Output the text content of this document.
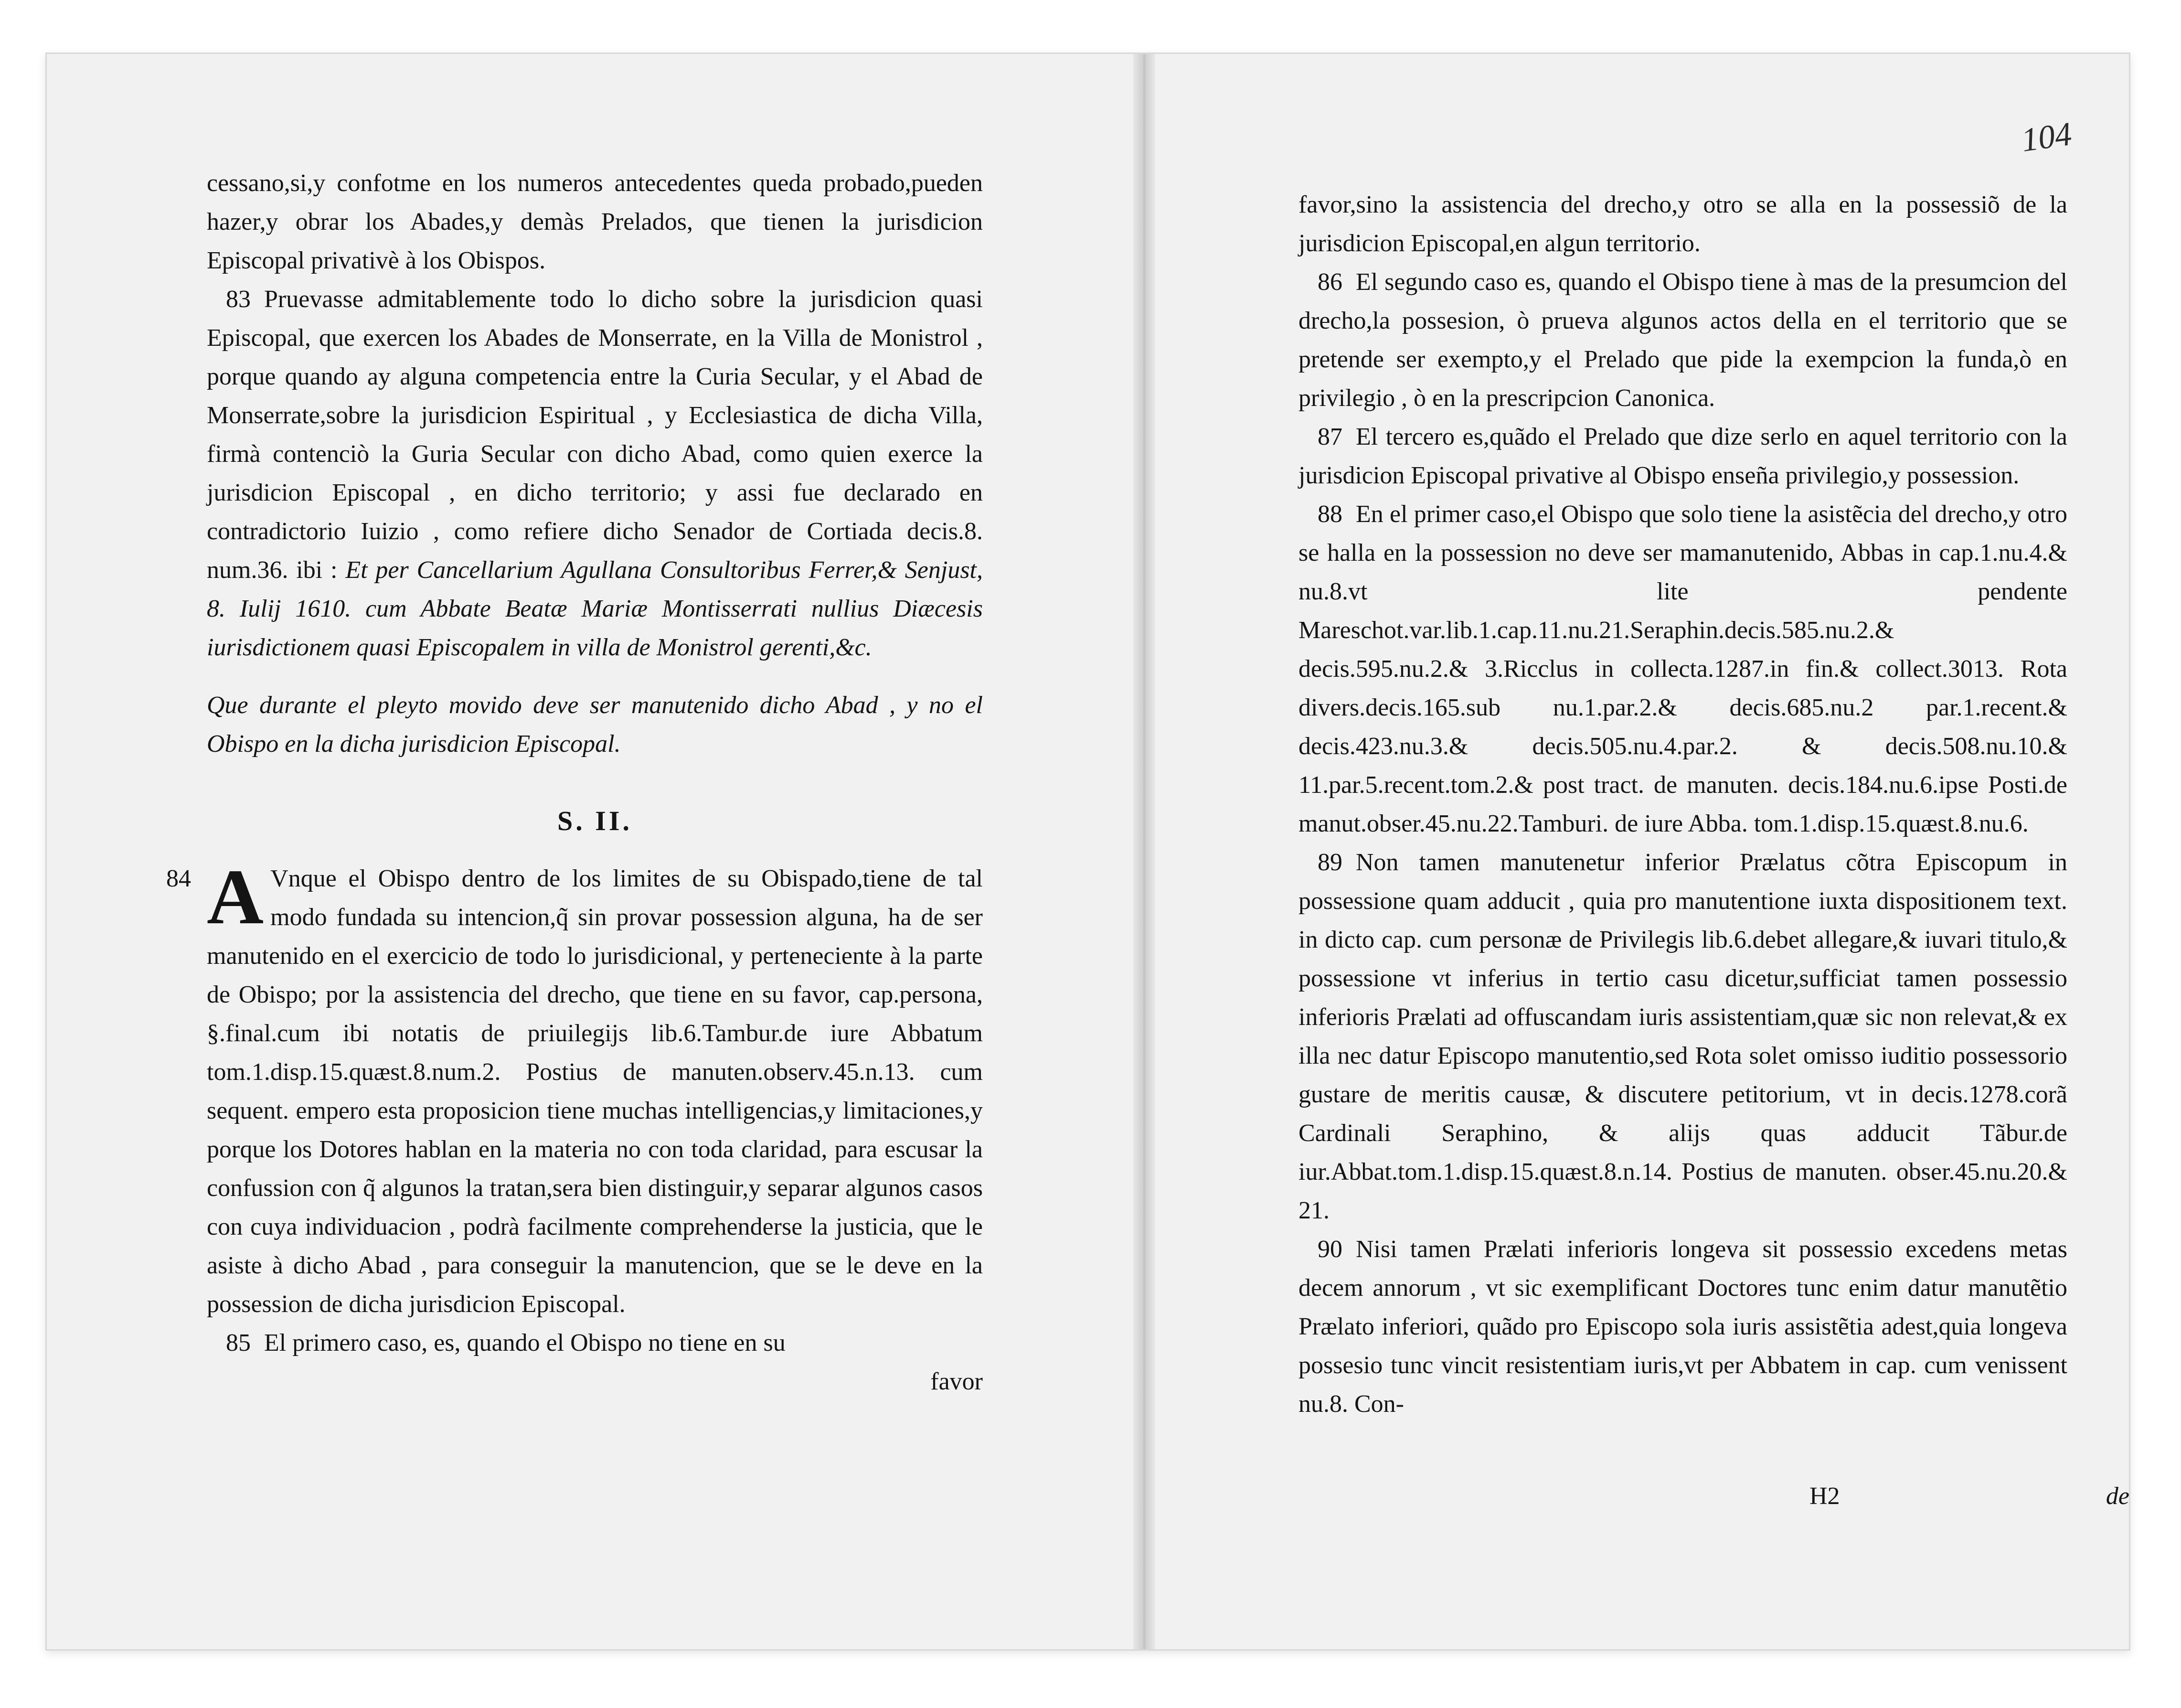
cessano,si,y confotme en los numeros antecedentes queda probado,pueden hazer,y obrar los Abades,y demàs Prelados, que tienen la jurisdicion Episcopal privativè à los Obispos.

83 Pruevasse admitablemente todo lo dicho sobre la jurisdicion quasi Episcopal, que exercen los Abades de Monserrate, en la Villa de Monistrol , porque quando ay alguna competencia entre la Curia Secular, y el Abad de Monserrate,sobre la jurisdicion Espiritual , y Ecclesiastica de dicha Villa, firmà contenciò la Guria Secular con dicho Abad, como quien exerce la jurisdicion Episcopal , en dicho territorio; y assi fue declarado en contradictorio Iuizio , como refiere dicho Senador de Cortiada decis.8. num.36. ibi : Et per Cancellarium Agullana Consultoribus Ferrer,& Senjust, 8. Iulij 1610. cum Abbate Beatæ Mariæ Montisserrati nullius Diæcesis iurisdictionem quasi Episcopalem in villa de Monistrol gerenti,&c.

Que durante el pleyto movido deve ser manutenido dicho Abad , y no el Obispo en la dicha jurisdicion Episcopal.

S. II.

84 A Vnque el Obispo dentro de los limites de su Obispado,tiene de tal modo fundada su intencion,q̃ sin provar possession alguna, ha de ser manutenido en el exercicio de todo lo jurisdicional, y perteneciente à la parte de Obispo; por la assistencia del drecho, que tiene en su favor, cap.persona, §.final.cum ibi notatis de priuilegijs lib.6.Tambur.de iure Abbatum tom.1.disp.15.quæst.8.num.2. Postius de manuten.observ.45.n.13. cum sequent. empero esta proposicion tiene muchas intelligencias,y limitaciones,y porque los Dotores hablan en la materia no con toda claridad, para escusar la confussion con q̃ algunos la tratan,sera bien distinguir,y separar algunos casos con cuya individuacion , podrà facilmente comprehenderse la justicia, que le asiste à dicho Abad , para conseguir la manutencion, que se le deve en la possession de dicha jurisdicion Episcopal.

85 El primero caso, es, quando el Obispo no tiene en su

favor

104

favor,sino la assistencia del drecho,y otro se alla en la possessiõ de la jurisdicion Episcopal,en algun territorio.

86 El segundo caso es, quando el Obispo tiene à mas de la presumcion del drecho,la possesion, ò prueva algunos actos della en el territorio que se pretende ser exempto,y el Prelado que pide la exempcion la funda,ò en privilegio , ò en la prescripcion Canonica.

87 El tercero es,quãdo el Prelado que dize serlo en aquel territorio con la jurisdicion Episcopal privative al Obispo enseña privilegio,y possession.

88 En el primer caso,el Obispo que solo tiene la asistẽcia del drecho,y otro se halla en la possession no deve ser mamanutenido, Abbas in cap.1.nu.4.& nu.8.vt lite pendente Mareschot.var.lib.1.cap.11.nu.21.Seraphin.decis.585.nu.2.& decis.595.nu.2.& 3.Ricclus in collecta.1287.in fin.& collect.3013. Rota divers.decis.165.sub nu.1.par.2.& decis.685.nu.2 par.1.recent.& decis.423.nu.3.& decis.505.nu.4.par.2. & decis.508.nu.10.& 11.par.5.recent.tom.2.& post tract. de manuten. decis.184.nu.6.ipse Posti.de manut.obser.45.nu.22.Tamburi. de iure Abba. tom.1.disp.15.quæst.8.nu.6.

89 Non tamen manutenetur inferior Prælatus cõtra Episcopum in possessione quam adducit , quia pro manutentione iuxta dispositionem text. in dicto cap. cum personæ de Privilegis lib.6.debet allegare,& iuvari titulo,& possessione vt inferius in tertio casu dicetur,sufficiat tamen possessio inferioris Prælati ad offuscandam iuris assistentiam,quæ sic non relevat,& ex illa nec datur Episcopo manutentio,sed Rota solet omisso iuditio possessorio gustare de meritis causæ, & discutere petitorium, vt in decis.1278.corã Cardinali Seraphino, & alijs quas adducit Tãbur.de iur.Abbat.tom.1.disp.15.quæst.8.n.14. Postius de manuten. obser.45.nu.20.& 21.

90 Nisi tamen Prælati inferioris longeva sit possessio excedens metas decem annorum , vt sic exemplificant Doctores tunc enim datur manutẽtio Prælato inferiori, quãdo pro Episcopo sola iuris assistẽtia adest,quia longeva possesio tunc vincit resistentiam iuris,vt per Abbatem in cap. cum venissent nu.8. Con-

H2	de
